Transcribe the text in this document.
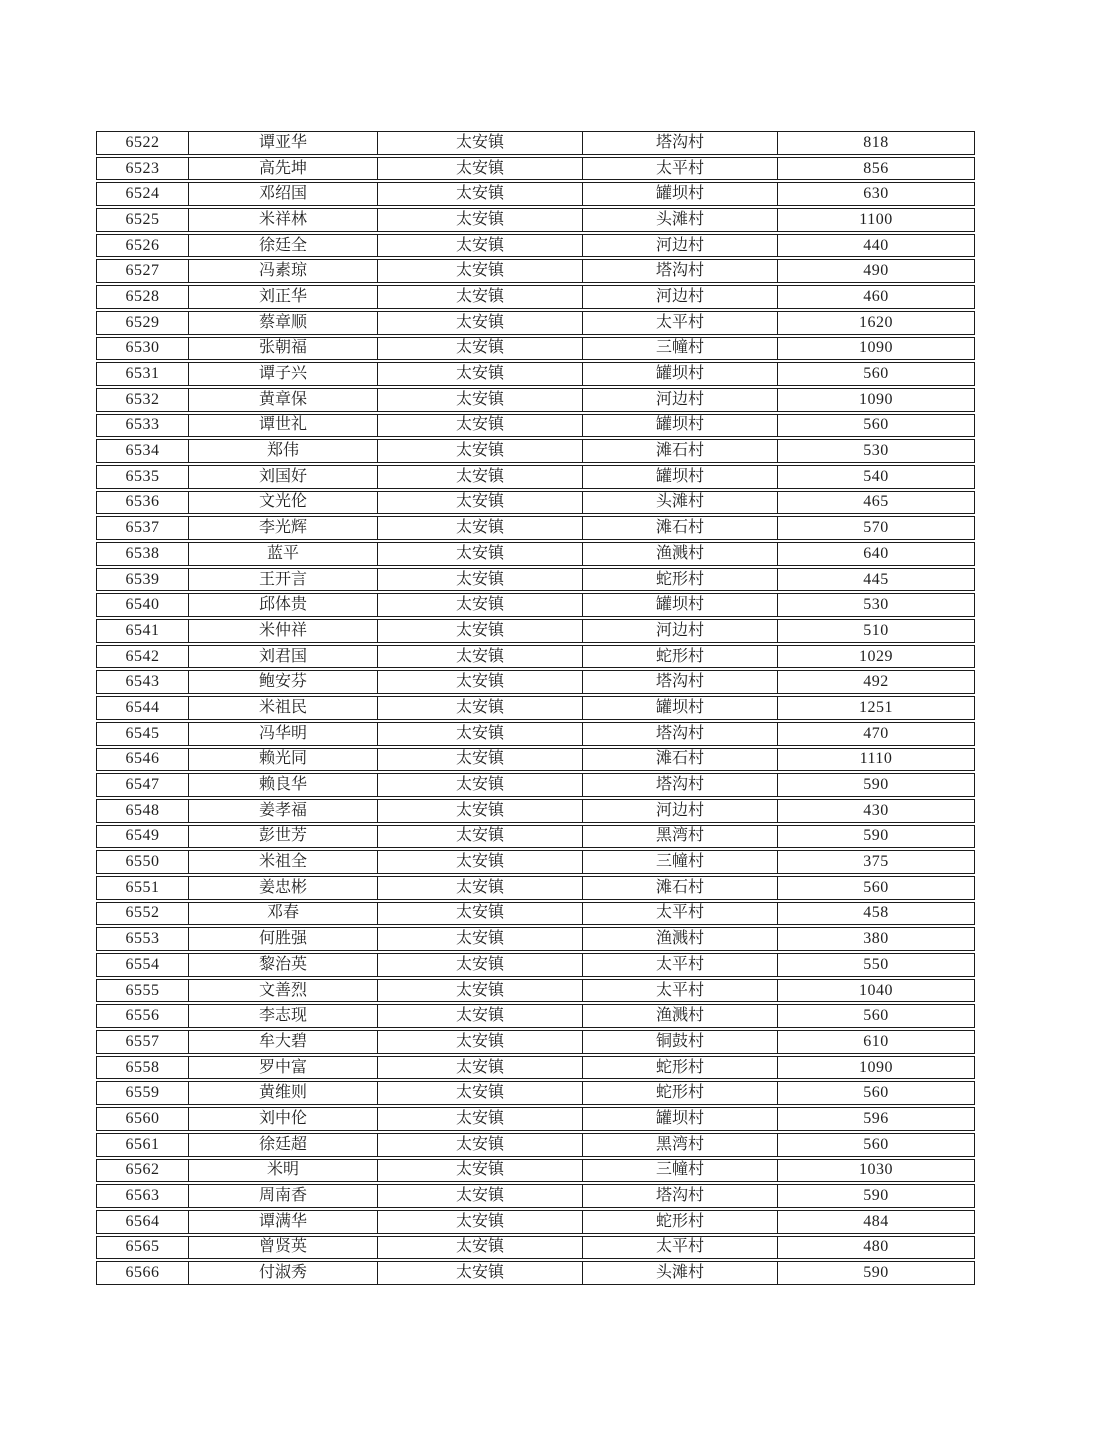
6522	谭亚华	太安镇	塔沟村	818
6523	高先坤	太安镇	太平村	856
6524	邓绍国	太安镇	罐坝村	630
6525	米祥林	太安镇	头滩村	1100
6526	徐廷全	太安镇	河边村	440
6527	冯素琼	太安镇	塔沟村	490
6528	刘正华	太安镇	河边村	460
6529	蔡章顺	太安镇	太平村	1620
6530	张朝福	太安镇	三幢村	1090
6531	谭子兴	太安镇	罐坝村	560
6532	黄章保	太安镇	河边村	1090
6533	谭世礼	太安镇	罐坝村	560
6534	郑伟	太安镇	滩石村	530
6535	刘国好	太安镇	罐坝村	540
6536	文光伦	太安镇	头滩村	465
6537	李光辉	太安镇	滩石村	570
6538	蓝平	太安镇	渔溅村	640
6539	王开言	太安镇	蛇形村	445
6540	邱体贵	太安镇	罐坝村	530
6541	米仲祥	太安镇	河边村	510
6542	刘君国	太安镇	蛇形村	1029
6543	鲍安芬	太安镇	塔沟村	492
6544	米祖民	太安镇	罐坝村	1251
6545	冯华明	太安镇	塔沟村	470
6546	赖光同	太安镇	滩石村	1110
6547	赖良华	太安镇	塔沟村	590
6548	姜孝福	太安镇	河边村	430
6549	彭世芳	太安镇	黑湾村	590
6550	米祖全	太安镇	三幢村	375
6551	姜忠彬	太安镇	滩石村	560
6552	邓春	太安镇	太平村	458
6553	何胜强	太安镇	渔溅村	380
6554	黎治英	太安镇	太平村	550
6555	文善烈	太安镇	太平村	1040
6556	李志现	太安镇	渔溅村	560
6557	牟大碧	太安镇	铜鼓村	610
6558	罗中富	太安镇	蛇形村	1090
6559	黄维则	太安镇	蛇形村	560
6560	刘中伦	太安镇	罐坝村	596
6561	徐廷超	太安镇	黑湾村	560
6562	米明	太安镇	三幢村	1030
6563	周南香	太安镇	塔沟村	590
6564	谭满华	太安镇	蛇形村	484
6565	曾贤英	太安镇	太平村	480
6566	付淑秀	太安镇	头滩村	590
